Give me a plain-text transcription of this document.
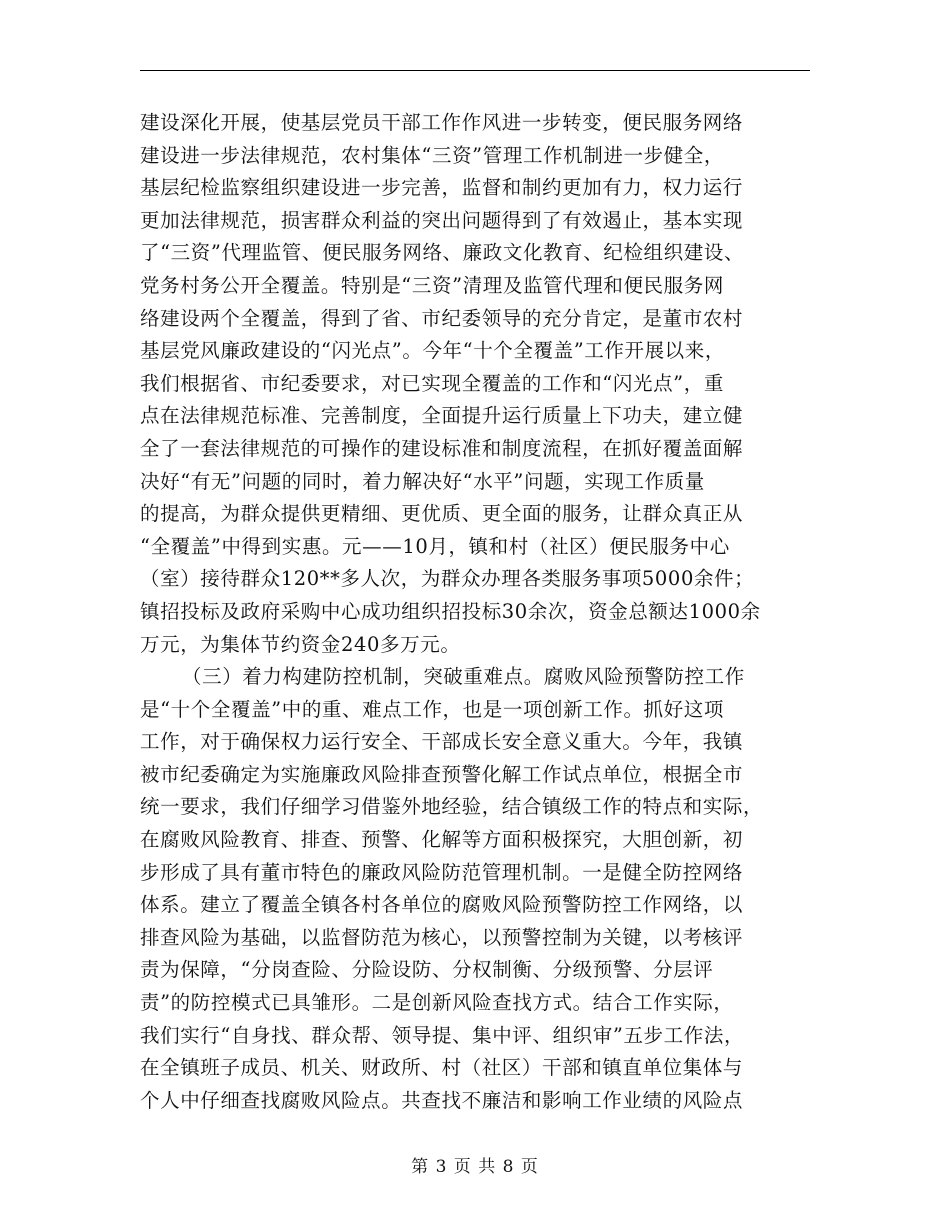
建设深化开展，使基层党员干部工作作风进一步转变，便民服务网络
建设进一步法律规范，农村集体“三资”管理工作机制进一步健全，
基层纪检监察组织建设进一步完善，监督和制约更加有力，权力运行
更加法律规范，损害群众利益的突出问题得到了有效遏止，基本实现
了“三资”代理监管、便民服务网络、廉政文化教育、纪检组织建设、
党务村务公开全覆盖。特别是“三资”清理及监管代理和便民服务网
络建设两个全覆盖，得到了省、市纪委领导的充分肯定，是董市农村
基层党风廉政建设的“闪光点”。今年“十个全覆盖”工作开展以来，
我们根据省、市纪委要求，对已实现全覆盖的工作和“闪光点”，重
点在法律规范标准、完善制度，全面提升运行质量上下功夫，建立健
全了一套法律规范的可操作的建设标准和制度流程，在抓好覆盖面解
决好“有无”问题的同时，着力解决好“水平”问题，实现工作质量
的提高，为群众提供更精细、更优质、更全面的服务，让群众真正从
“全覆盖”中得到实惠。元——10月，镇和村（社区）便民服务中心
（室）接待群众120**多人次，为群众办理各类服务事项5000余件；
镇招投标及政府采购中心成功组织招投标30余次，资金总额达1000余
万元，为集体节约资金240多万元。
（三）着力构建防控机制，突破重难点。腐败风险预警防控工作
是“十个全覆盖”中的重、难点工作，也是一项创新工作。抓好这项
工作，对于确保权力运行安全、干部成长安全意义重大。今年，我镇
被市纪委确定为实施廉政风险排查预警化解工作试点单位，根据全市
统一要求，我们仔细学习借鉴外地经验，结合镇级工作的特点和实际，
在腐败风险教育、排查、预警、化解等方面积极探究，大胆创新，初
步形成了具有董市特色的廉政风险防范管理机制。一是健全防控网络
体系。建立了覆盖全镇各村各单位的腐败风险预警防控工作网络，以
排查风险为基础，以监督防范为核心，以预警控制为关键，以考核评
责为保障，“分岗查险、分险设防、分权制衡、分级预警、分层评
责”的防控模式已具雏形。二是创新风险查找方式。结合工作实际，
我们实行“自身找、群众帮、领导提、集中评、组织审”五步工作法，
在全镇班子成员、机关、财政所、村（社区）干部和镇直单位集体与
个人中仔细查找腐败风险点。共查找不廉洁和影响工作业绩的风险点
第 3 页 共 8 页
